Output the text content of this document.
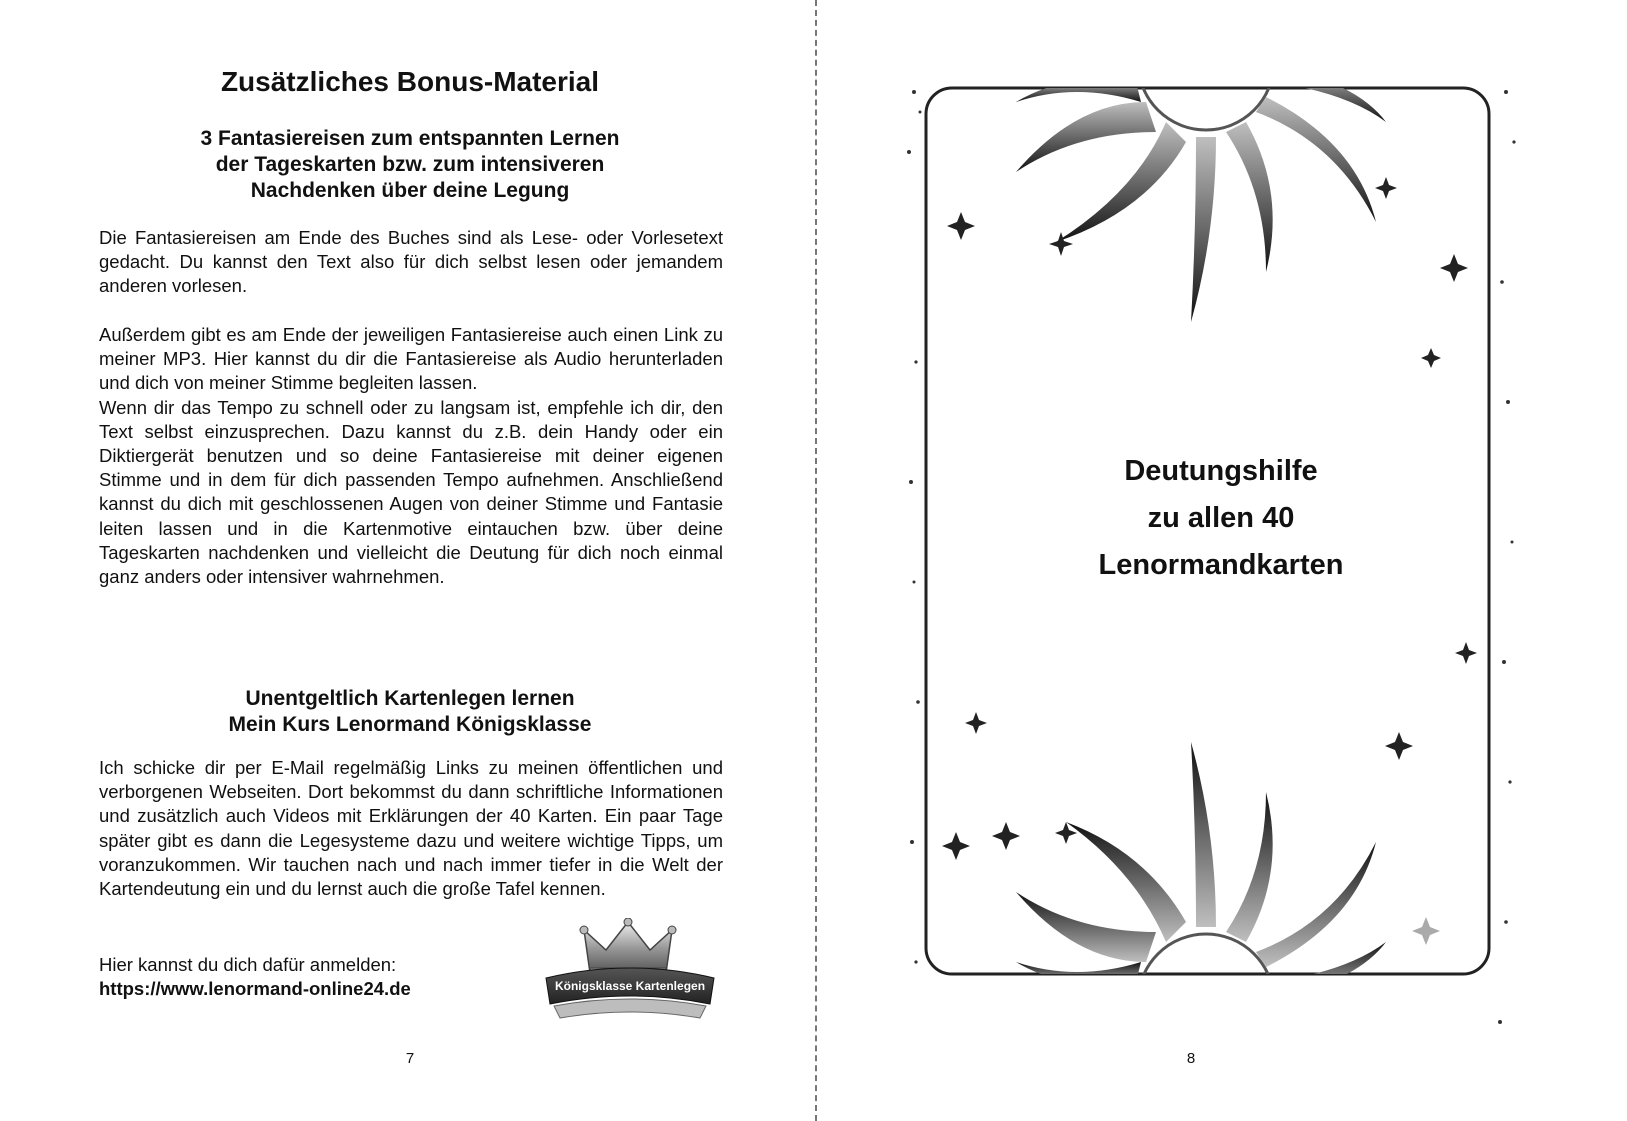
Zusätzliches Bonus-Material
3 Fantasiereisen zum entspannten Lernen
der Tageskarten bzw. zum intensiveren
Nachdenken über deine Legung

Die Fantasiereisen am Ende des Buches sind als Lese- oder Vorlesetext gedacht. Du kannst den Text also für dich selbst lesen oder jemandem anderen vorlesen.

Außerdem gibt es am Ende der jeweiligen Fantasiereise auch einen Link zu meiner MP3. Hier kannst du dir die Fantasiereise als Audio herunterladen und dich von meiner Stimme begleiten lassen.

Wenn dir das Tempo zu schnell oder zu langsam ist, empfehle ich dir, den Text selbst einzusprechen. Dazu kannst du z.B. dein Handy oder ein Diktiergerät benutzen und so deine Fantasiereise mit deiner eigenen Stimme und in dem für dich passenden Tempo aufnehmen. Anschließend kannst du dich mit geschlossenen Augen von deiner Stimme und Fantasie leiten lassen und in die Kartenmotive eintauchen bzw. über deine Tageskarten nachdenken und vielleicht die Deutung für dich noch einmal ganz anders oder intensiver wahrnehmen.

Unentgeltlich Kartenlegen lernen
Mein Kurs Lenormand Königsklasse

Ich schicke dir per E-Mail regelmäßig Links zu meinen öffentlichen und verborgenen Webseiten. Dort bekommst du dann schriftliche Informationen und zusätzlich auch Videos mit Erklärungen der 40 Karten. Ein paar Tage später gibt es dann die Legesysteme dazu und weitere wichtige Tipps, um voranzukommen. Wir tauchen nach und nach immer tiefer in die Welt der Kartendeutung ein und du lernst auch die große Tafel kennen.

Hier kannst du dich dafür anmelden:
https://www.lenormand-online24.de	Königsklasse Kartenlegen
7
Deutungshilfe
zu allen 40
Lenormandkarten
8
